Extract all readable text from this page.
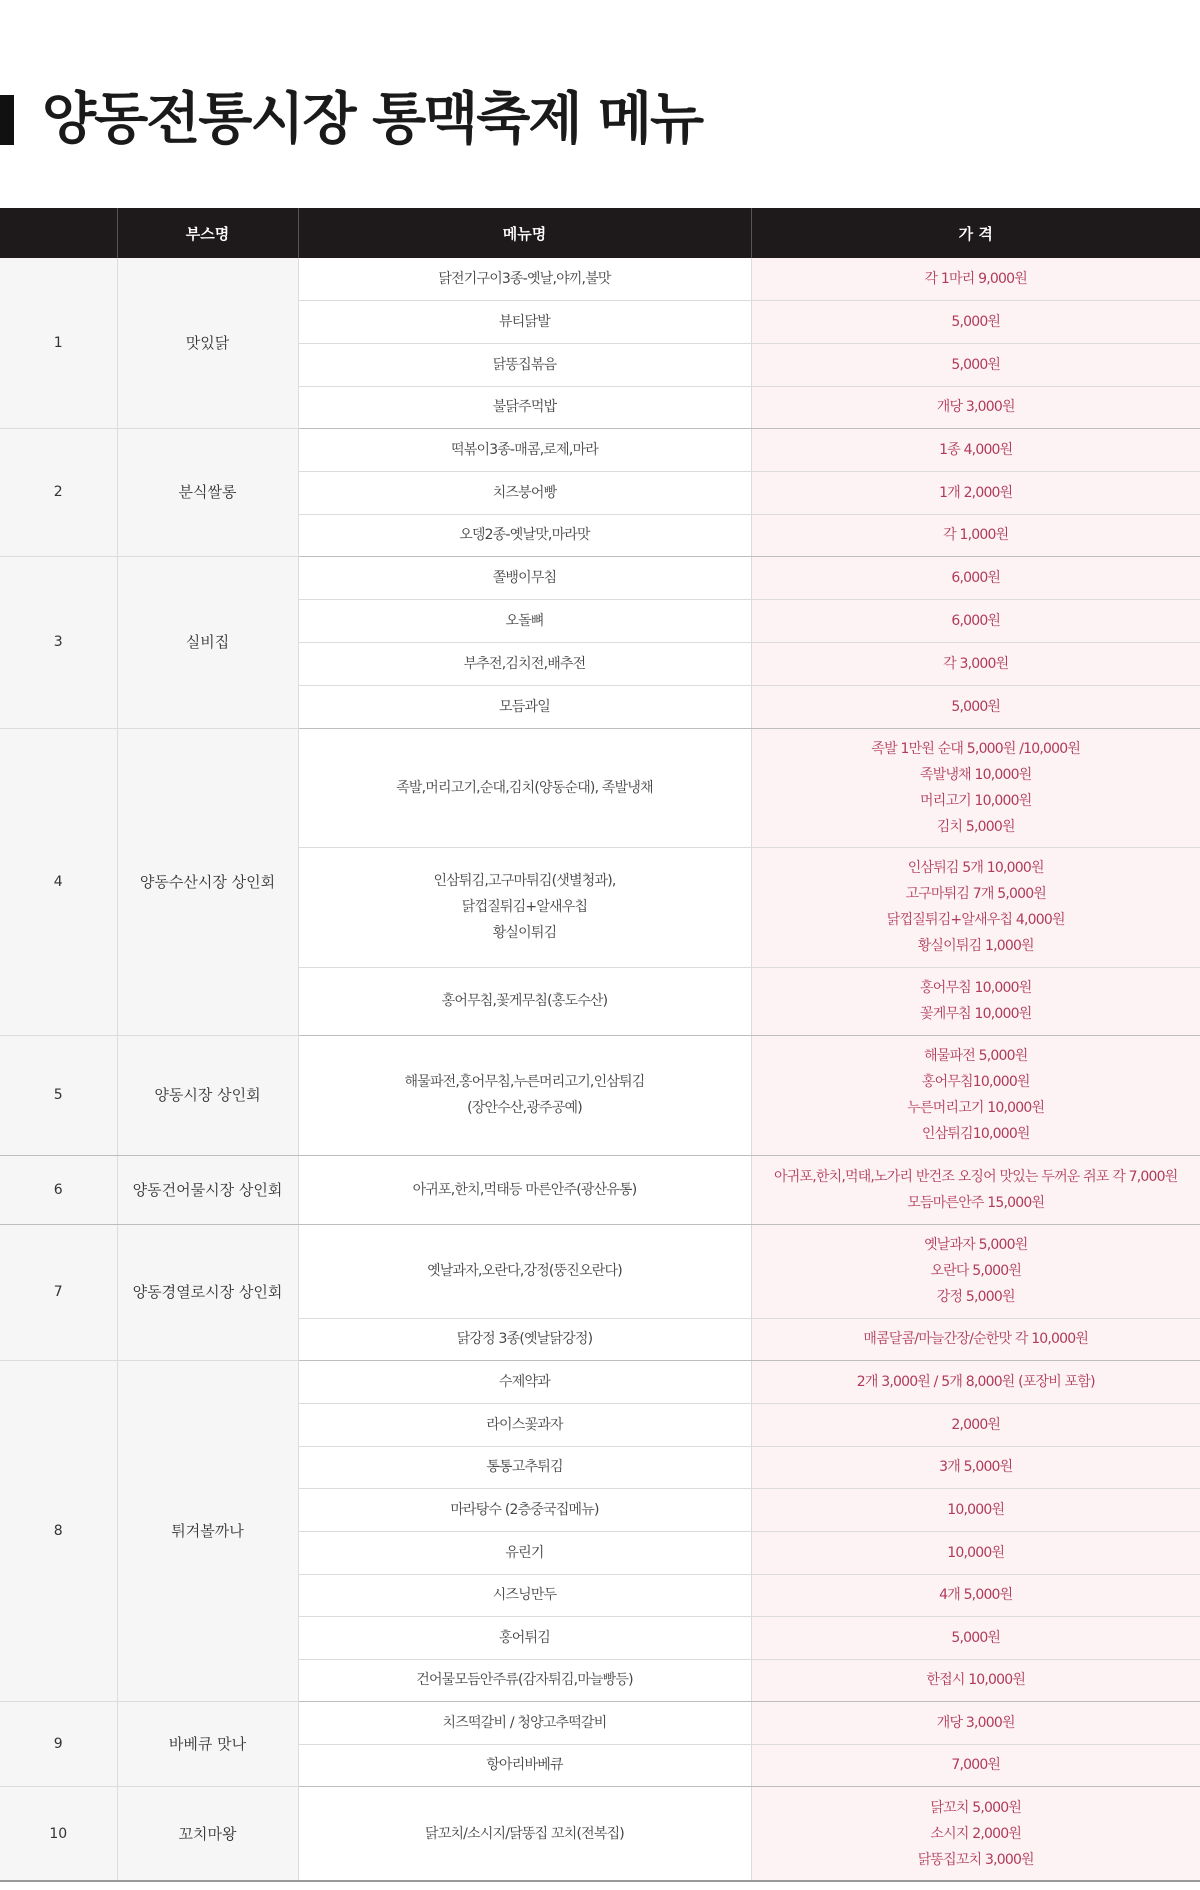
양동전통시장 통맥축제 메뉴
	부스명	메뉴명	가 격
1	맛있닭	닭전기구이3종-옛날,야끼,불맛	각 1마리 9,000원

		뷰티닭발	5,000원

		닭똥집볶음	5,000원

		불닭주먹밥	개당 3,000원

2	분식쌀롱	떡볶이3종-매콤,로제,마라	1종 4,000원

		치즈붕어빵	1개 2,000원

		오뎅2종-옛날맛,마라맛	각 1,000원

3	실비집	쫄뱅이무침	6,000원

		오돌뼈	6,000원

		부추전,김치전,배추전	각 3,000원

		모듬과일	5,000원

4	양동수산시장 상인회	족발,머리고기,순대,김치(양동순대), 족발냉채	족발 1만원 순대 5,000원 /10,000원
족발냉채 10,000원
머리고기 10,000원
김치 5,000원

		인삼튀김,고구마튀김(샛별청과),
닭껍질튀김+알새우칩
황실이튀김	인삼튀김 5개 10,000원
고구마튀김 7개 5,000원
닭껍질튀김+알새우칩 4,000원
황실이튀김 1,000원

		홍어무침,꽃게무침(홍도수산)	홍어무침 10,000원
꽃게무침 10,000원

5	양동시장 상인회	해물파전,홍어무침,누른머리고기,인삼튀김
(장안수산,광주공예)	해물파전 5,000원
홍어무침10,000원
누른머리고기 10,000원
인삼튀김10,000원

6	양동건어물시장 상인회	아귀포,한치,먹태등 마른안주(광산유통)	아귀포,한치,먹태,노가리 반건조 오징어 맛있는 두꺼운 쥐포 각 7,000원
모듬마른안주 15,000원

7	양동경열로시장 상인회	옛날과자,오란다,강정(뚱진오란다)	옛날과자 5,000원
오란다 5,000원
강정 5,000원

		닭강정 3종(옛날닭강정)	매콤달콤/마늘간장/순한맛 각 10,000원

8	튀겨볼까나	수제약과	2개 3,000원 / 5개 8,000원 (포장비 포함)

		라이스꽃과자	2,000원

		통통고추튀김	3개 5,000원

		마라탕수 (2층중국집메뉴)	10,000원

		유린기	10,000원

		시즈닝만두	4개 5,000원

		홍어튀김	5,000원

		건어물모듬안주류(감자튀김,마늘빵등)	한접시 10,000원

9	바베큐 맛나	치즈떡갈비 / 청양고추떡갈비	개당 3,000원

		항아리바베큐	7,000원

10	꼬치마왕	닭꼬치/소시지/닭똥집 꼬치(전복집)	닭꼬치 5,000원
소시지 2,000원
닭똥집꼬치 3,000원
